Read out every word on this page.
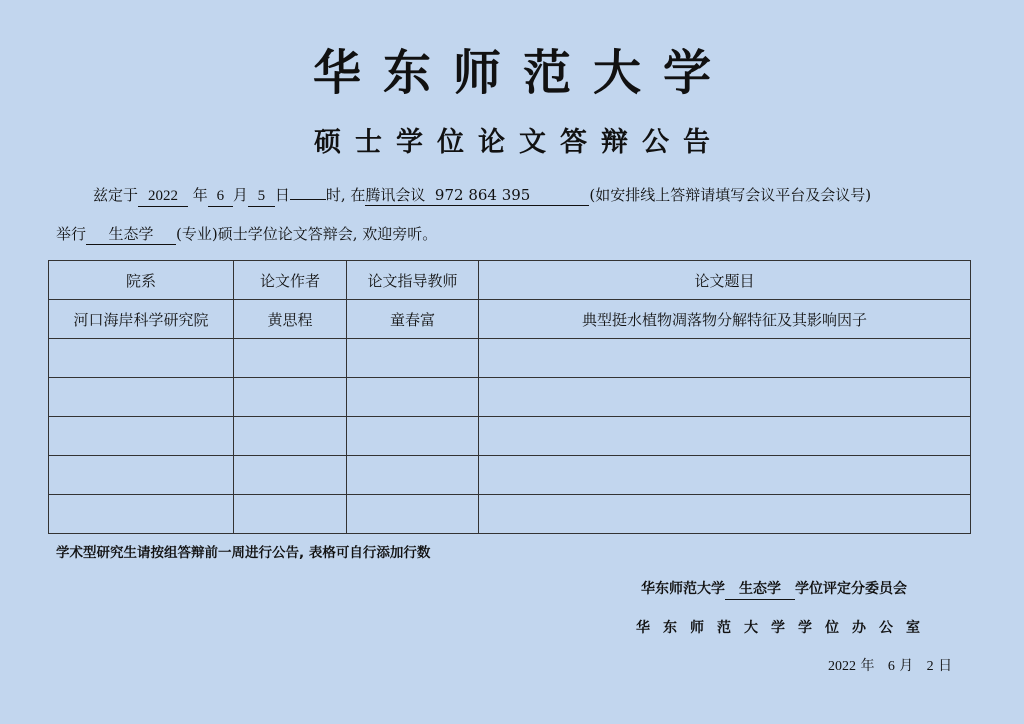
华东师范大学
硕士学位论文答辩公告
兹定于 2022 年 6 月 5 日 时, 在腾讯会议  972 864 395	(如安排线上答辩请填写会议平台及会议号)
举行 生态学 (专业)硕士学位论文答辩会, 欢迎旁听。
院系	论文作者	论文指导教师	论文题目
河口海岸科学研究院	黄思程	童春富	典型挺水植物凋落物分解特征及其影响因子

学术型研究生请按组答辩前一周进行公告, 表格可自行添加行数
华东师范大学 生态学 学位评定分委员会
华东师范大学学位办公室
2022 年 6 月 2 日
